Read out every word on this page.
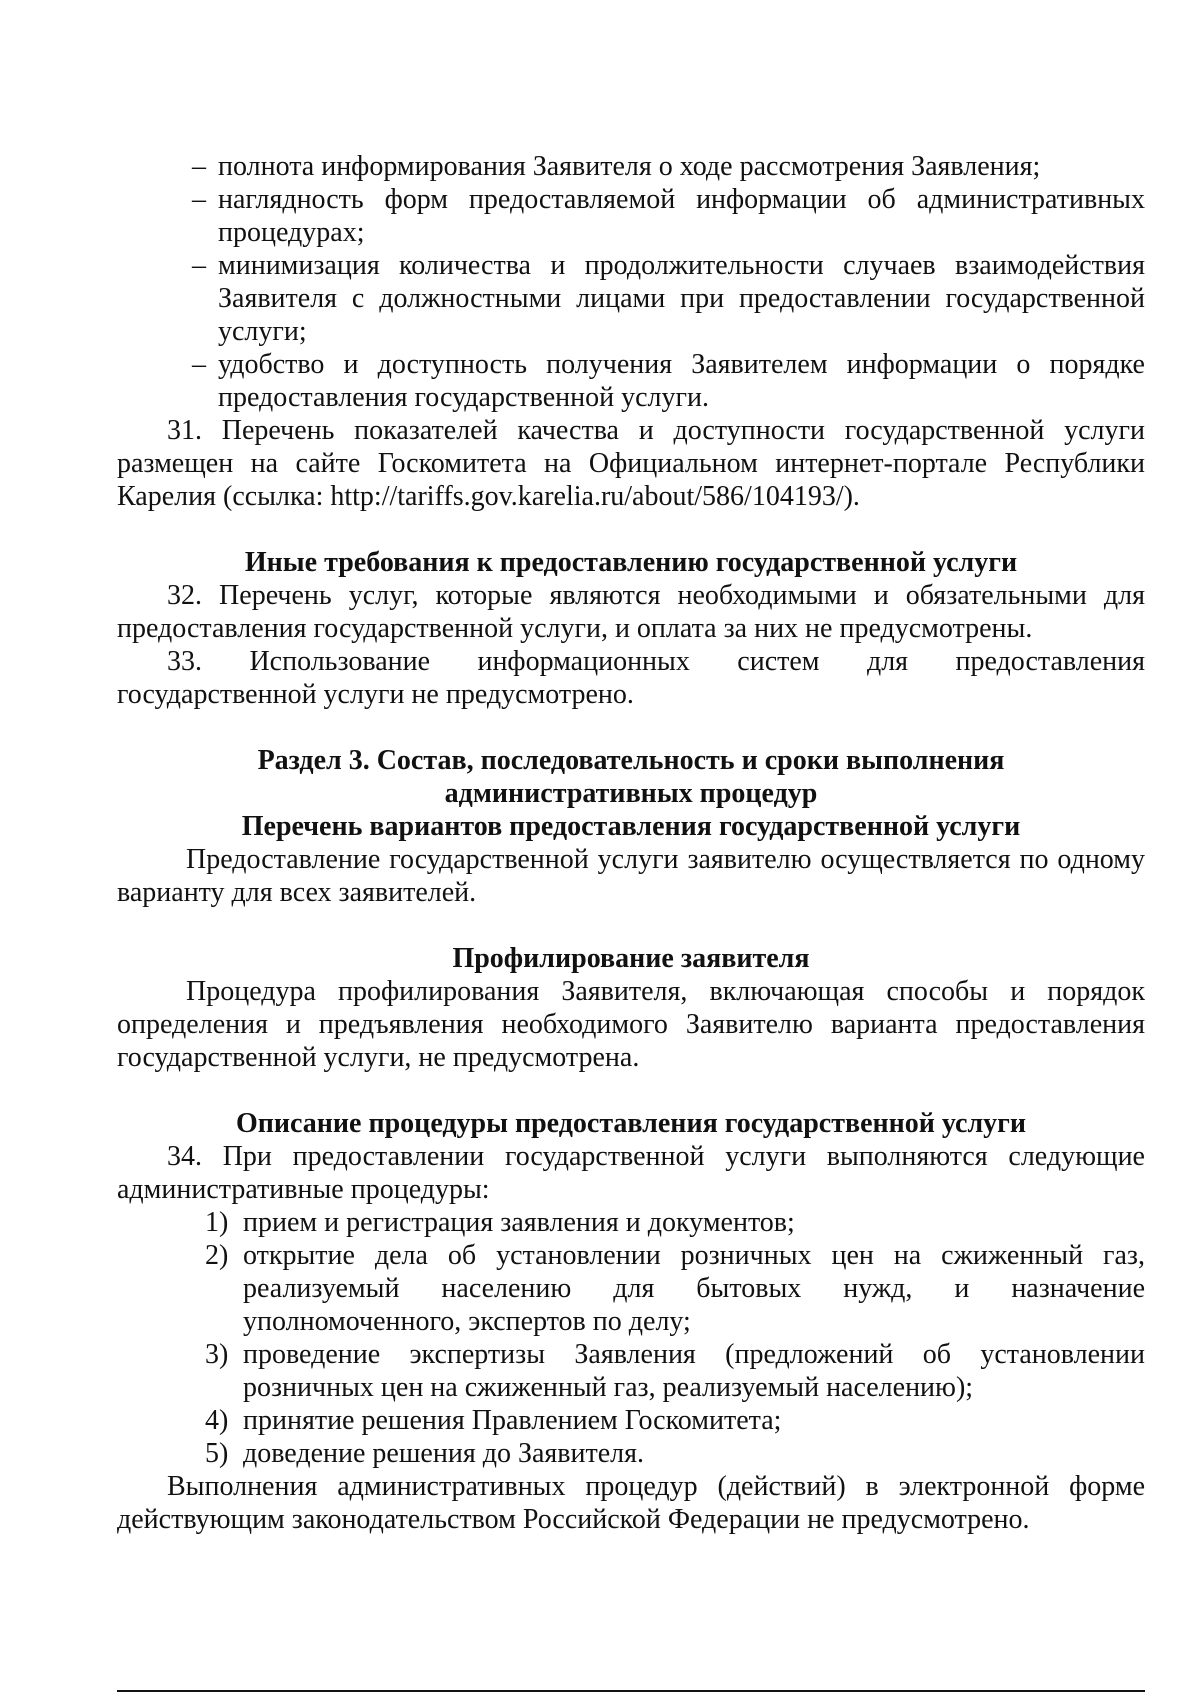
– полнота информирования Заявителя о ходе рассмотрения Заявления;

– наглядность форм предоставляемой информации об административных процедурах;

– минимизация количества и продолжительности случаев взаимодействия Заявителя с должностными лицами при предоставлении государственной услуги;

– удобство и доступность получения Заявителем информации о порядке предоставления государственной услуги.

31. Перечень показателей качества и доступности государственной услуги размещен на сайте Госкомитета на Официальном интернет-портале Республики Карелия (ссылка: http://tariffs.gov.karelia.ru/about/586/104193/).

Иные требования к предоставлению государственной услуги

32. Перечень услуг, которые являются необходимыми и обязательными для предоставления государственной услуги, и оплата за них не предусмотрены.

33. Использование информационных систем для предоставления государственной услуги не предусмотрено.

Раздел 3. Состав, последовательность и сроки выполнения

административных процедур

Перечень вариантов предоставления государственной услуги

Предоставление государственной услуги заявителю осуществляется по одному варианту для всех заявителей.

Профилирование заявителя

Процедура профилирования Заявителя, включающая способы и порядок определения и предъявления необходимого Заявителю варианта предоставления государственной услуги, не предусмотрена.

Описание процедуры предоставления государственной услуги

34. При предоставлении государственной услуги выполняются следующие административные процедуры:

1) прием и регистрация заявления и документов;

2) открытие дела об установлении розничных цен на сжиженный газ, реализуемый населению для бытовых нужд, и назначение уполномоченного, экспертов по делу;

3) проведение экспертизы Заявления (предложений об установлении розничных цен на сжиженный газ, реализуемый населению);

4) принятие решения Правлением Госкомитета;

5) доведение решения до Заявителя.

Выполнения административных процедур (действий) в электронной форме действующим законодательством Российской Федерации не предусмотрено.
